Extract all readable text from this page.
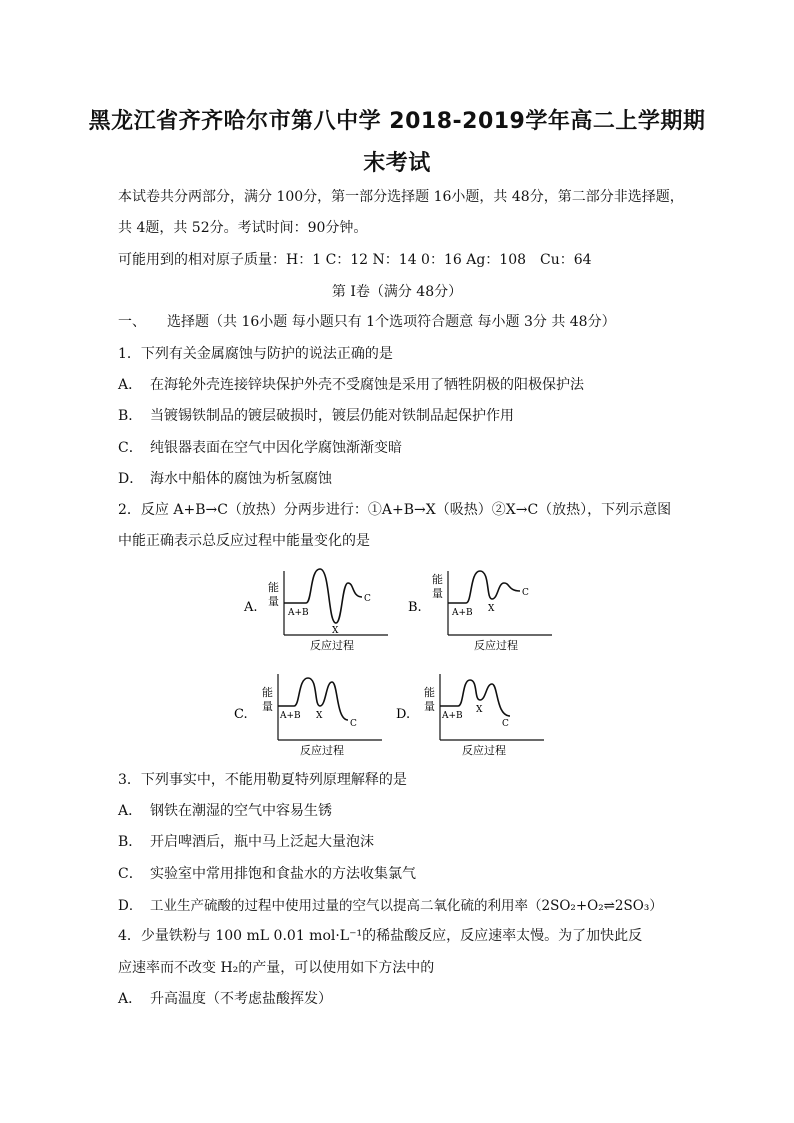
黑龙江省齐齐哈尔市第八中学 2018-2019学年高二上学期期
末考试
本试卷共分两部分，满分 100分，第一部分选择题 16小题，共 48分，第二部分非选择题，
共 4题，共 52分。考试时间：90分钟。
可能用到的相对原子质量：H：1 C：12 N：14 0：16 Ag：108　Cu：64
第 I卷（满分 48分）
一、　　选择题（共 16小题 每小题只有 1个选项符合题意 每小题 3分 共 48分）
1．下列有关金属腐蚀与防护的说法正确的是
A． 在海轮外壳连接锌块保护外壳不受腐蚀是采用了牺牲阴极的阳极保护法
B． 当镀锡铁制品的镀层破损时，镀层仍能对铁制品起保护作用
C． 纯银器表面在空气中因化学腐蚀渐渐变暗
D． 海水中船体的腐蚀为析氢腐蚀
2．反应 A+B→C（放热）分两步进行：①A+B→X（吸热）②X→C（放热），下列示意图
中能正确表示总反应过程中能量变化的是
A.
能
量
A+B
X
C
反应过程
B.
能
量
A+B X
C
反应过程
C.
能
量
A+B X
C
反应过程
D.
能
量
A+B
X
C
反应过程
3．下列事实中，不能用勒夏特列原理解释的是
A． 钢铁在潮湿的空气中容易生锈
B． 开启啤酒后，瓶中马上泛起大量泡沫
C． 实验室中常用排饱和食盐水的方法收集氯气
D． 工业生产硫酸的过程中使用过量的空气以提高二氧化硫的利用率（2SO₂+O₂⇌2SO₃）
4．少量铁粉与 100 mL 0.01 mol·L⁻¹的稀盐酸反应，反应速率太慢。为了加快此反
应速率而不改变 H₂的产量，可以使用如下方法中的
A． 升高温度（不考虑盐酸挥发）
